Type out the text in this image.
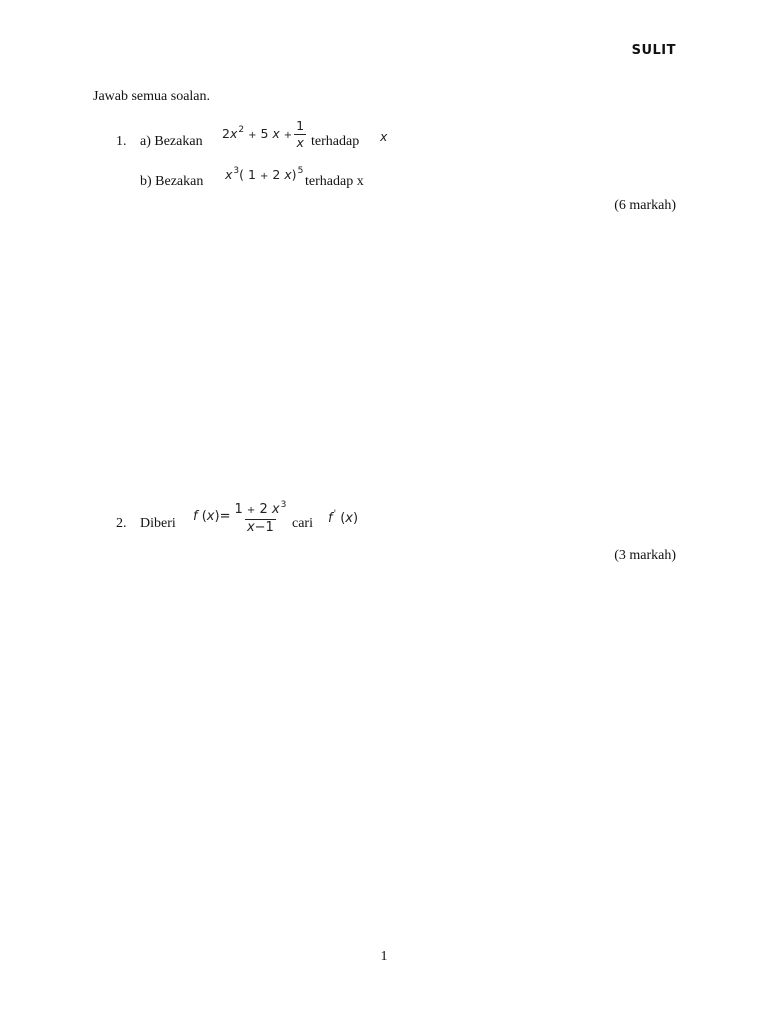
SULIT
Jawab semua soalan.
1. a) Bezakan
$2x^2 + 5$ $x + \frac{1}{x}$ terhadap x
b) Bezakan $x^3$( 1 + 2 x)$^5$
terhadap x
(6 markah)
2. Diberi f $(x)= \frac{1 + 2 x^3}{x-1}$ cari f' (x)
(3 markah)
1
